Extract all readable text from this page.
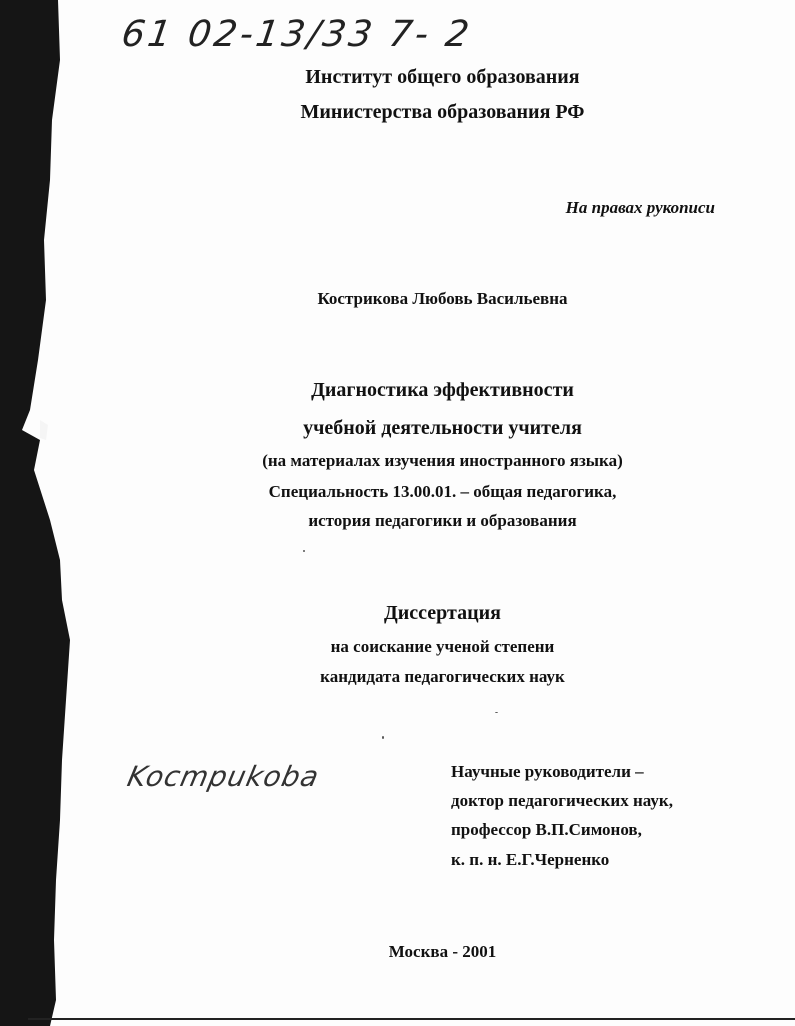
61 02-13/33 7- 2
Институт общего образования
Министерства образования РФ
На правах рукописи
Кострикова Любовь Васильевна
Диагностика эффективности
учебной деятельности учителя
(на материалах изучения иностранного языка)
Специальность 13.00.01. – общая педагогика,
история педагогики и образования
Диссертация
на соискание ученой степени
кандидата педагогических наук
Kocmpukoba	Научные руководители –
доктор педагогических наук,
профессор В.П.Симонов,
к. п. н. Е.Г.Черненко
Москва - 2001
